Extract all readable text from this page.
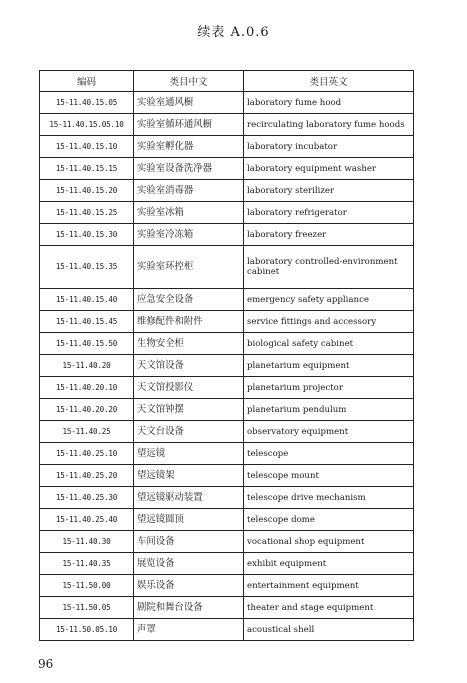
续表 A.0.6
编码	类目中文	类目英文
15-11.40.15.05	实验室通风橱	laboratory fume hood
15-11.40.15.05.10	实验室循环通风橱	recirculating laboratory fume hoods
15-11.40.15.10	实验室孵化器	laboratory incubator
15-11.40.15.15	实验室设备洗净器	laboratory equipment washer
15-11.40.15.20	实验室消毒器	laboratory sterilizer
15-11.40.15.25	实验室冰箱	laboratory refrigerator
15-11.40.15.30	实验室冷冻箱	laboratory freezer
15-11.40.15.35	实验室环控柜	laboratory controlled-environment cabinet
15-11.40.15.40	应急安全设备	emergency safety appliance
15-11.40.15.45	维修配件和附件	service fittings and accessory
15-11.40.15.50	生物安全柜	biological safety cabinet
15-11.40.20	天文馆设备	planetarium equipment
15-11.40.20.10	天文馆投影仪	planetarium projector
15-11.40.20.20	天文馆钟摆	planetarium pendulum
15-11.40.25	天文台设备	observatory equipment
15-11.40.25.10	望远镜	telescope
15-11.40.25.20	望远镜架	telescope mount
15-11.40.25.30	望远镜驱动装置	telescope drive mechanism
15-11.40.25.40	望远镜圆顶	telescope dome
15-11.40.30	车间设备	vocational shop equipment
15-11.40.35	展览设备	exhibit equipment
15-11.50.00	娱乐设备	entertainment equipment
15-11.50.05	剧院和舞台设备	theater and stage equipment
15-11.50.05.10	声罩	acoustical shell
96
